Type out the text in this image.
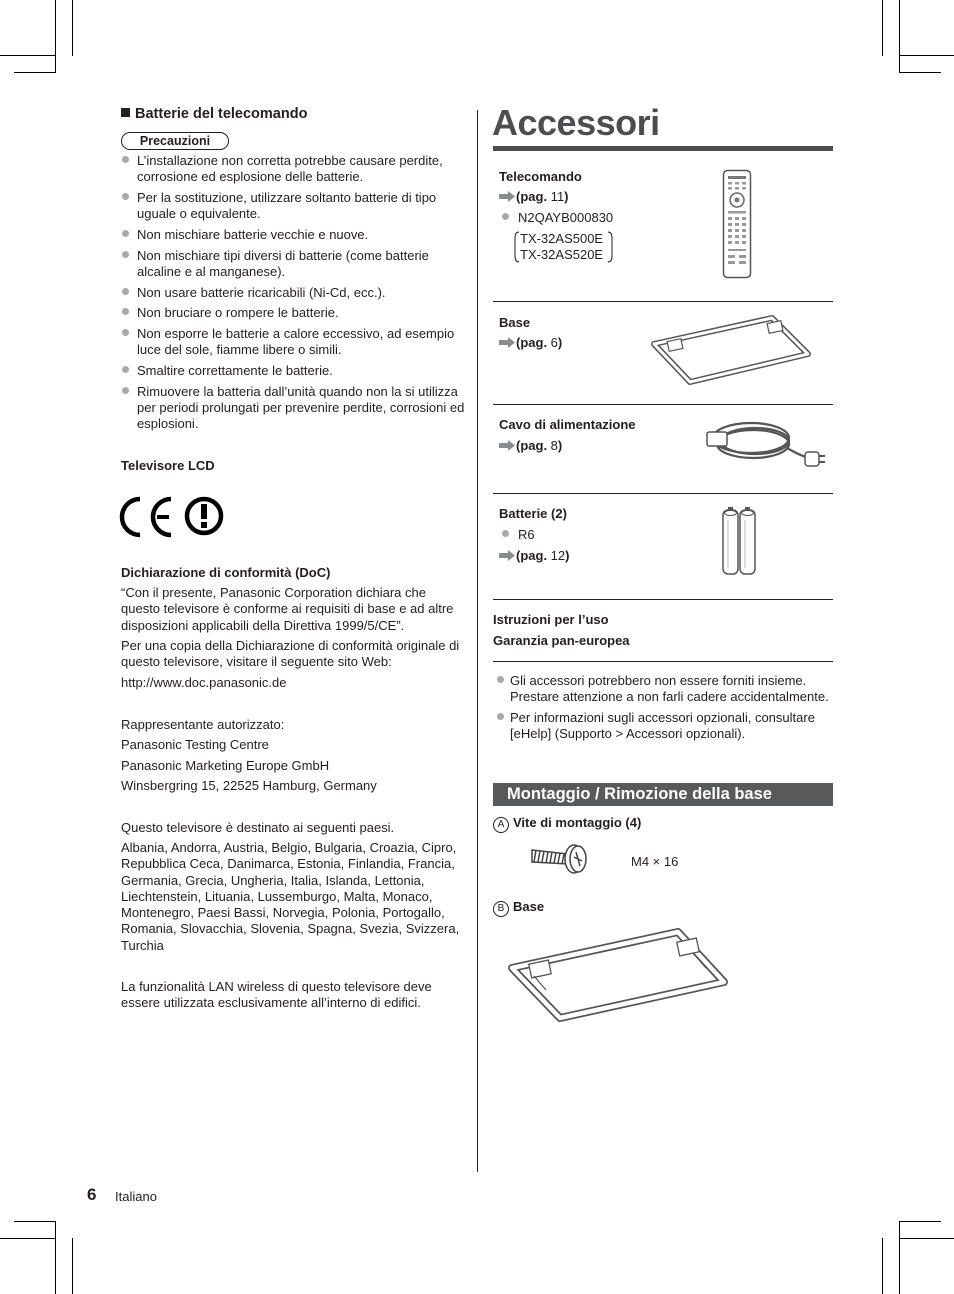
Batterie del telecomando
Precauzioni
L’installazione non corretta potrebbe causare perdite, corrosione ed esplosione delle batterie.
Per la sostituzione, utilizzare soltanto batterie di tipo uguale o equivalente.
Non mischiare batterie vecchie e nuove.
Non mischiare tipi diversi di batterie (come batterie alcaline e al manganese).
Non usare batterie ricaricabili (Ni-Cd, ecc.).
Non bruciare o rompere le batterie.
Non esporre le batterie a calore eccessivo, ad esempio luce del sole, fiamme libere o simili.
Smaltire correttamente le batterie.
Rimuovere la batteria dall’unità quando non la si utilizza per periodi prolungati per prevenire perdite, corrosioni ed esplosioni.
Televisore LCD
Dichiarazione di conformità (DoC)
“Con il presente, Panasonic Corporation dichiara che questo televisore è conforme ai requisiti di base e ad altre disposizioni applicabili della Direttiva 1999/5/CE”.
Per una copia della Dichiarazione di conformità originale di questo televisore, visitare il seguente sito Web:
http://www.doc.panasonic.de
Rappresentante autorizzato:
Panasonic Testing Centre
Panasonic Marketing Europe GmbH
Winsbergring 15, 22525 Hamburg, Germany
Questo televisore è destinato ai seguenti paesi.
Albania, Andorra, Austria, Belgio, Bulgaria, Croazia, Cipro, Repubblica Ceca, Danimarca, Estonia, Finlandia, Francia, Germania, Grecia, Ungheria, Italia, Islanda, Lettonia, Liechtenstein, Lituania, Lussemburgo, Malta, Monaco, Montenegro, Paesi Bassi, Norvegia, Polonia, Portogallo, Romania, Slovacchia, Slovenia, Spagna, Svezia, Svizzera, Turchia
La funzionalità LAN wireless di questo televisore deve essere utilizzata esclusivamente all’interno di edifici.
Accessori
Telecomando
(pag. 11)
N2QAYB000830
TX-32AS500E
TX-32AS520E
Base
(pag. 6)
Cavo di alimentazione
(pag. 8)
Batterie (2)
R6
(pag. 12)
Istruzioni per l’uso
Garanzia pan-europea
Gli accessori potrebbero non essere forniti insieme. Prestare attenzione a non farli cadere accidentalmente.
Per informazioni sugli accessori opzionali, consultare [eHelp] (Supporto > Accessori opzionali).
Montaggio / Rimozione della base
A Vite di montaggio (4)
M4 × 16
B Base
6 Italiano
